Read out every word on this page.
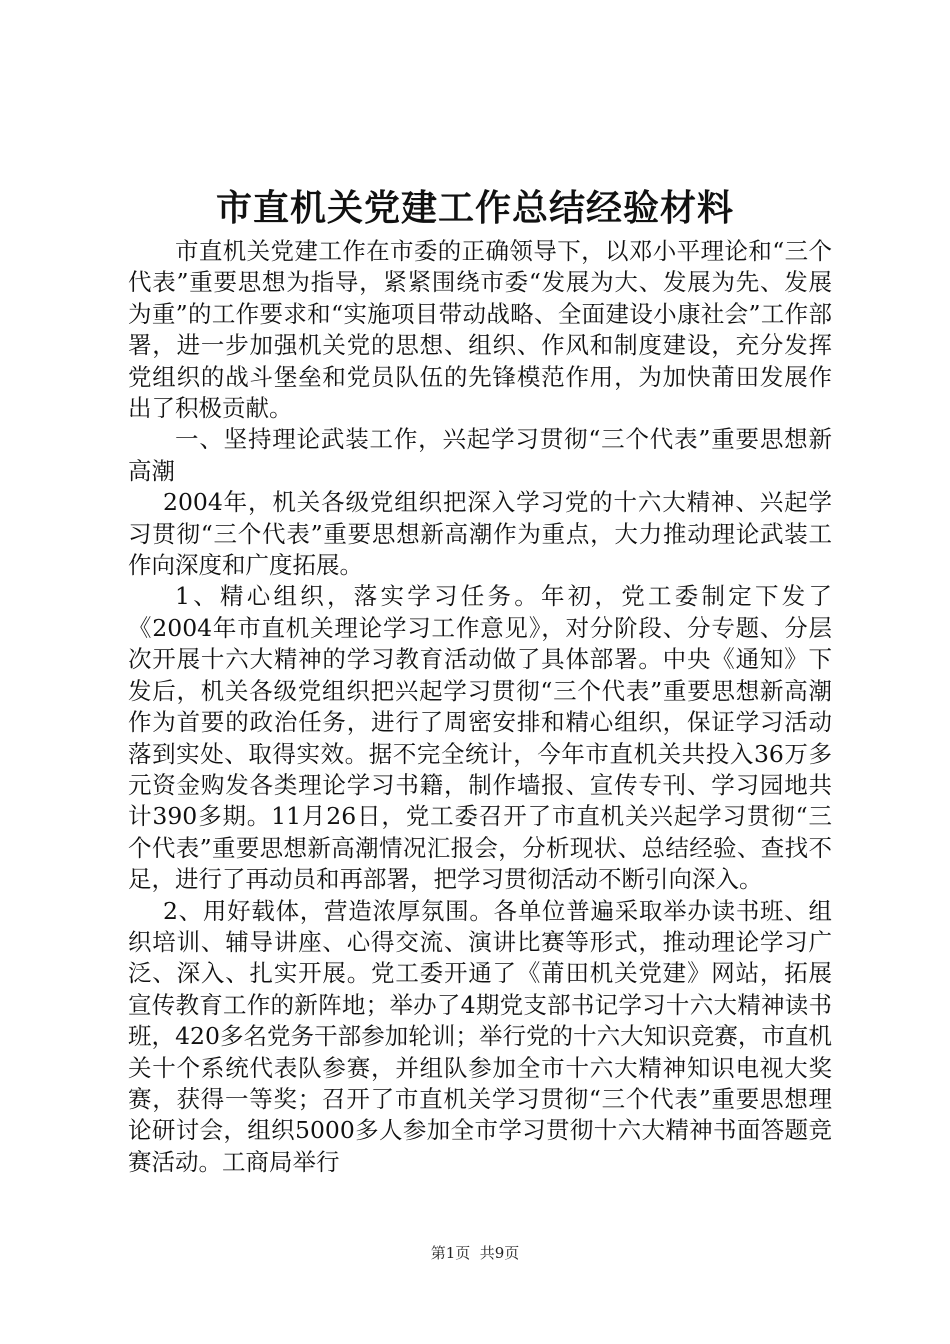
市直机关党建工作总结经验材料

市直机关党建工作在市委的正确领导下，以邓小平理论和“三个代表”重要思想为指导，紧紧围绕市委“发展为大、发展为先、发展为重”的工作要求和“实施项目带动战略、全面建设小康社会”工作部署，进一步加强机关党的思想、组织、作风和制度建设，充分发挥党组织的战斗堡垒和党员队伍的先锋模范作用，为加快莆田发展作出了积极贡献。

一、坚持理论武装工作，兴起学习贯彻“三个代表”重要思想新高潮

2004年，机关各级党组织把深入学习党的十六大精神、兴起学习贯彻“三个代表”重要思想新高潮作为重点，大力推动理论武装工作向深度和广度拓展。

1、精心组织，落实学习任务。年初，党工委制定下发了《2004年市直机关理论学习工作意见》，对分阶段、分专题、分层次开展十六大精神的学习教育活动做了具体部署。中央《通知》下发后，机关各级党组织把兴起学习贯彻“三个代表”重要思想新高潮作为首要的政治任务，进行了周密安排和精心组织，保证学习活动落到实处、取得实效。据不完全统计，今年市直机关共投入36万多元资金购发各类理论学习书籍，制作墙报、宣传专刊、学习园地共计390多期。11月26日，党工委召开了市直机关兴起学习贯彻“三个代表”重要思想新高潮情况汇报会，分析现状、总结经验、查找不足，进行了再动员和再部署，把学习贯彻活动不断引向深入。

2、用好载体，营造浓厚氛围。各单位普遍采取举办读书班、组织培训、辅导讲座、心得交流、演讲比赛等形式，推动理论学习广泛、深入、扎实开展。党工委开通了《莆田机关党建》网站，拓展宣传教育工作的新阵地；举办了4期党支部书记学习十六大精神读书班，420多名党务干部参加轮训；举行党的十六大知识竞赛，市直机关十个系统代表队参赛，并组队参加全市十六大精神知识电视大奖赛，获得一等奖；召开了市直机关学习贯彻“三个代表”重要思想理论研讨会，组织5000多人参加全市学习贯彻十六大精神书面答题竞赛活动。工商局举行

第1页  共9页
